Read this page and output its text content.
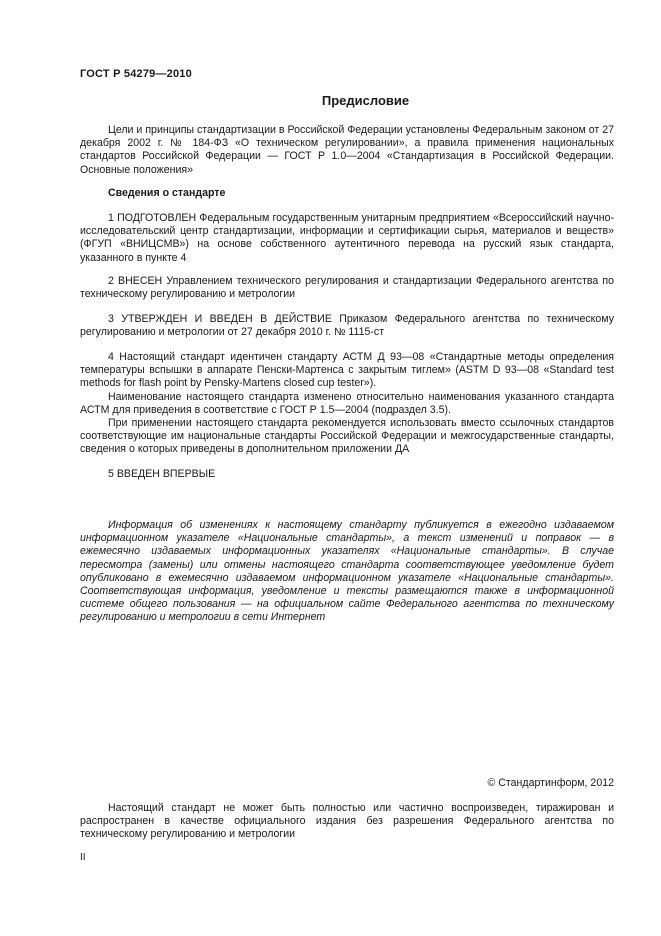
ГОСТ Р 54279—2010
Предисловие

Цели и принципы стандартизации в Российской Федерации установлены Федеральным законом от 27 декабря 2002 г. № 184-ФЗ «О техническом регулировании», а правила применения национальных стандартов Российской Федерации — ГОСТ Р 1.0—2004 «Стандартизация в Российской Федерации. Основные положения»

Сведения о стандарте

1 ПОДГОТОВЛЕН Федеральным государственным унитарным предприятием «Всероссийский научно-исследовательский центр стандартизации, информации и сертификации сырья, материалов и веществ» (ФГУП «ВНИЦСМВ») на основе собственного аутентичного перевода на русский язык стандарта, указанного в пункте 4

2 ВНЕСЕН Управлением технического регулирования и стандартизации Федерального агентства по техническому регулированию и метрологии

3 УТВЕРЖДЕН И ВВЕДЕН В ДЕЙСТВИЕ Приказом Федерального агентства по техническому регулированию и метрологии от 27 декабря 2010 г. № 1115-ст

4 Настоящий стандарт идентичен стандарту АСТМ Д 93—08 «Стандартные методы определения температуры вспышки в аппарате Пенски-Мартенса с закрытым тиглем» (ASTM D 93—08 «Standard test methods for flash point by Pensky-Martens closed cup tester»).

Наименование настоящего стандарта изменено относительно наименования указанного стандарта АСТМ для приведения в соответствие с ГОСТ Р 1.5—2004 (подраздел 3.5).

При применении настоящего стандарта рекомендуется использовать вместо ссылочных стандартов соответствующие им национальные стандарты Российской Федерации и межгосударственные стандарты, сведения о которых приведены в дополнительном приложении ДА

5 ВВЕДЕН ВПЕРВЫЕ

Информация об изменениях к настоящему стандарту публикуется в ежегодно издаваемом информационном указателе «Национальные стандарты», а текст изменений и поправок — в ежемесячно издаваемых информационных указателях «Национальные стандарты». В случае пересмотра (замены) или отмены настоящего стандарта соответствующее уведомление будет опубликовано в ежемесячно издаваемом информационном указателе «Национальные стандарты». Соответствующая информация, уведомление и тексты размещаются также в информационной системе общего пользования — на официальном сайте Федерального агентства по техническому регулированию и метрологии в сети Интернет

© Стандартинформ, 2012

Настоящий стандарт не может быть полностью или частично воспроизведен, тиражирован и распространен в качестве официального издания без разрешения Федерального агентства по техническому регулированию и метрологии

II
